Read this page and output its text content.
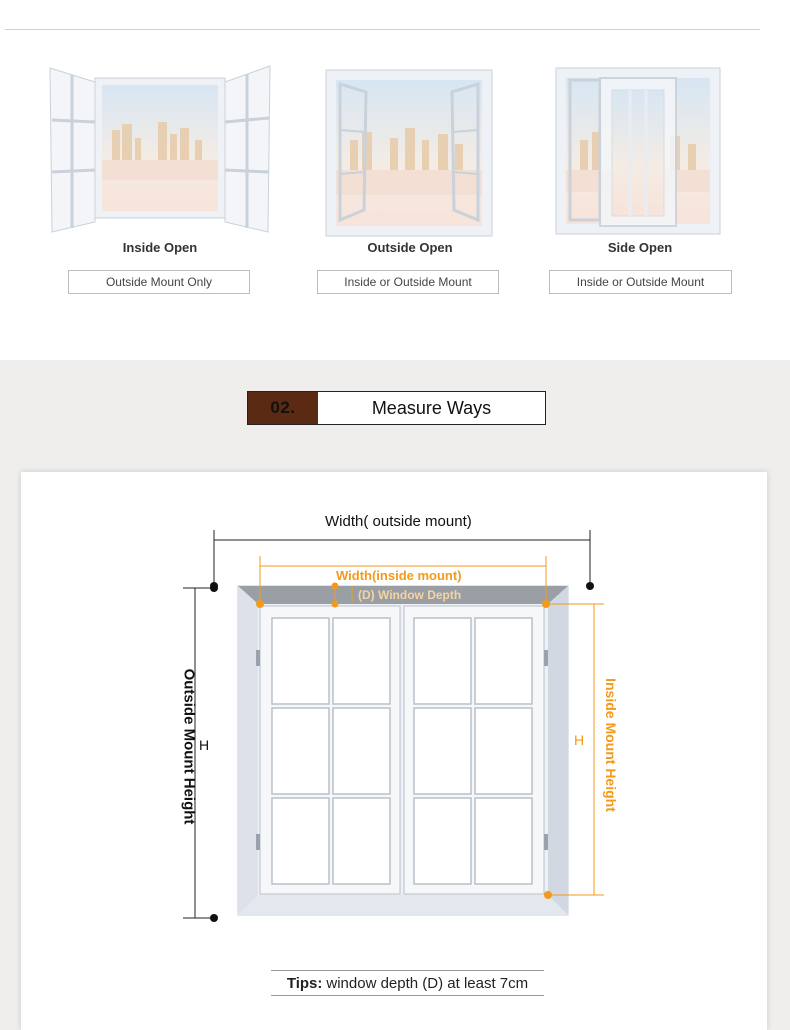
Inside Open
Outside Mount Only
Outside Open
Inside or Outside Mount
Side Open
Inside or Outside Mount
02.	Measure Ways
Width( outside mount)
Width(inside mount)
(D) Window Depth
H	H
Outside Mount Height	Inside Mount Height
Tips: window depth (D) at least 7cm
